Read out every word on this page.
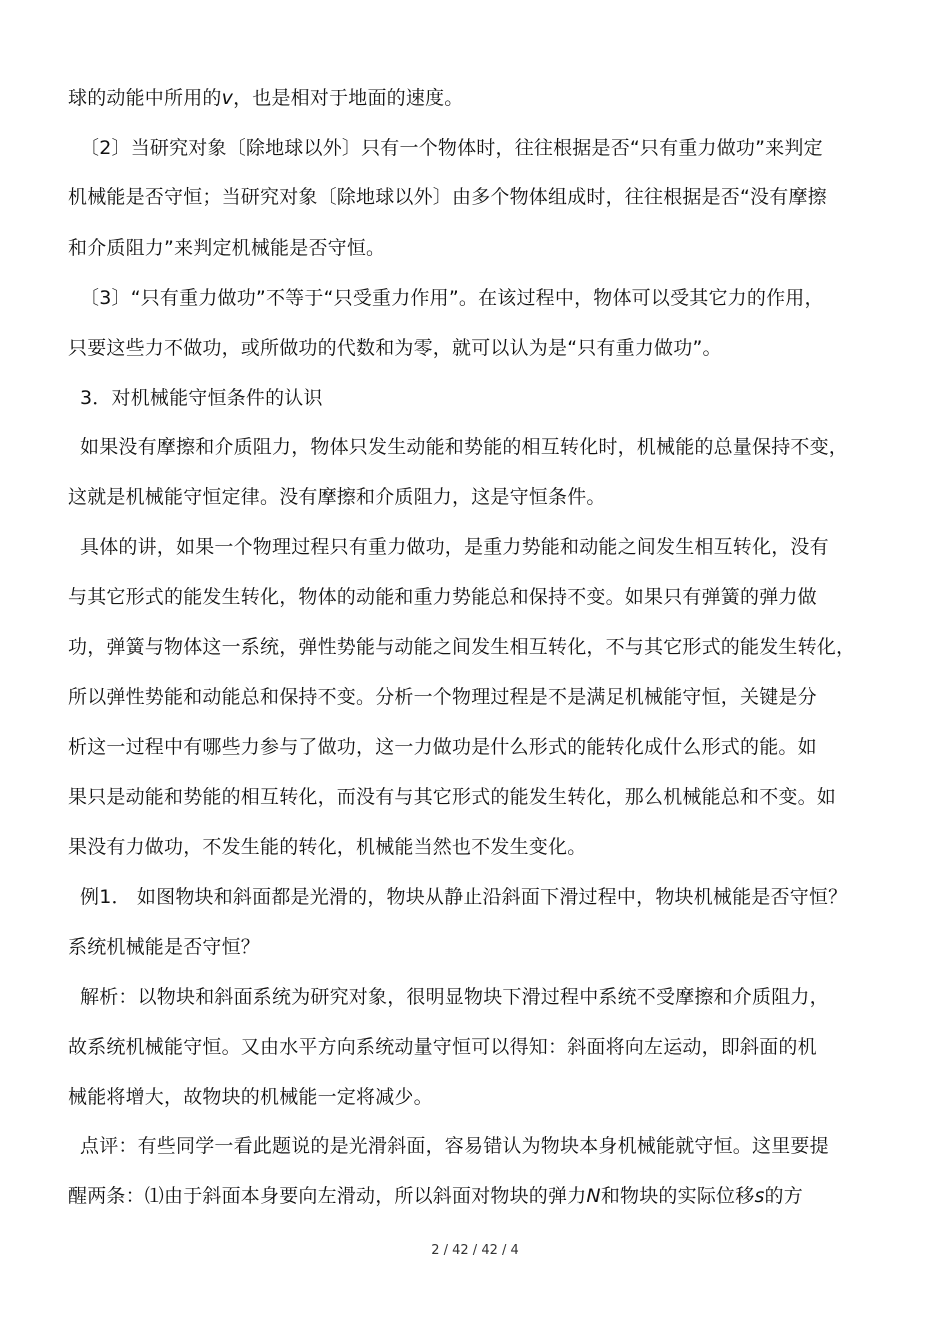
球的动能中所用的v，也是相对于地面的速度。
〔2〕当研究对象〔除地球以外〕只有一个物体时，往往根据是否“只有重力做功”来判定
机械能是否守恒；当研究对象〔除地球以外〕由多个物体组成时，往往根据是否“没有摩擦
和介质阻力”来判定机械能是否守恒。
〔3〕“只有重力做功”不等于“只受重力作用”。在该过程中，物体可以受其它力的作用，
只要这些力不做功，或所做功的代数和为零，就可以认为是“只有重力做功”。
3．对机械能守恒条件的认识
如果没有摩擦和介质阻力，物体只发生动能和势能的相互转化时，机械能的总量保持不变，
这就是机械能守恒定律。没有摩擦和介质阻力，这是守恒条件。
具体的讲，如果一个物理过程只有重力做功，是重力势能和动能之间发生相互转化，没有
与其它形式的能发生转化，物体的动能和重力势能总和保持不变。如果只有弹簧的弹力做
功，弹簧与物体这一系统，弹性势能与动能之间发生相互转化，不与其它形式的能发生转化，
所以弹性势能和动能总和保持不变。分析一个物理过程是不是满足机械能守恒，关键是分
析这一过程中有哪些力参与了做功，这一力做功是什么形式的能转化成什么形式的能。如
果只是动能和势能的相互转化，而没有与其它形式的能发生转化，那么机械能总和不变。如
果没有力做功，不发生能的转化，机械能当然也不发生变化。
例1． 如图物块和斜面都是光滑的，物块从静止沿斜面下滑过程中，物块机械能是否守恒？
系统机械能是否守恒？
解析：以物块和斜面系统为研究对象，很明显物块下滑过程中系统不受摩擦和介质阻力，
故系统机械能守恒。又由水平方向系统动量守恒可以得知：斜面将向左运动，即斜面的机
械能将增大，故物块的机械能一定将减少。
点评：有些同学一看此题说的是光滑斜面，容易错认为物块本身机械能就守恒。这里要提
醒两条：⑴由于斜面本身要向左滑动，所以斜面对物块的弹力N和物块的实际位移s的方
2 / 42 / 42 / 4
